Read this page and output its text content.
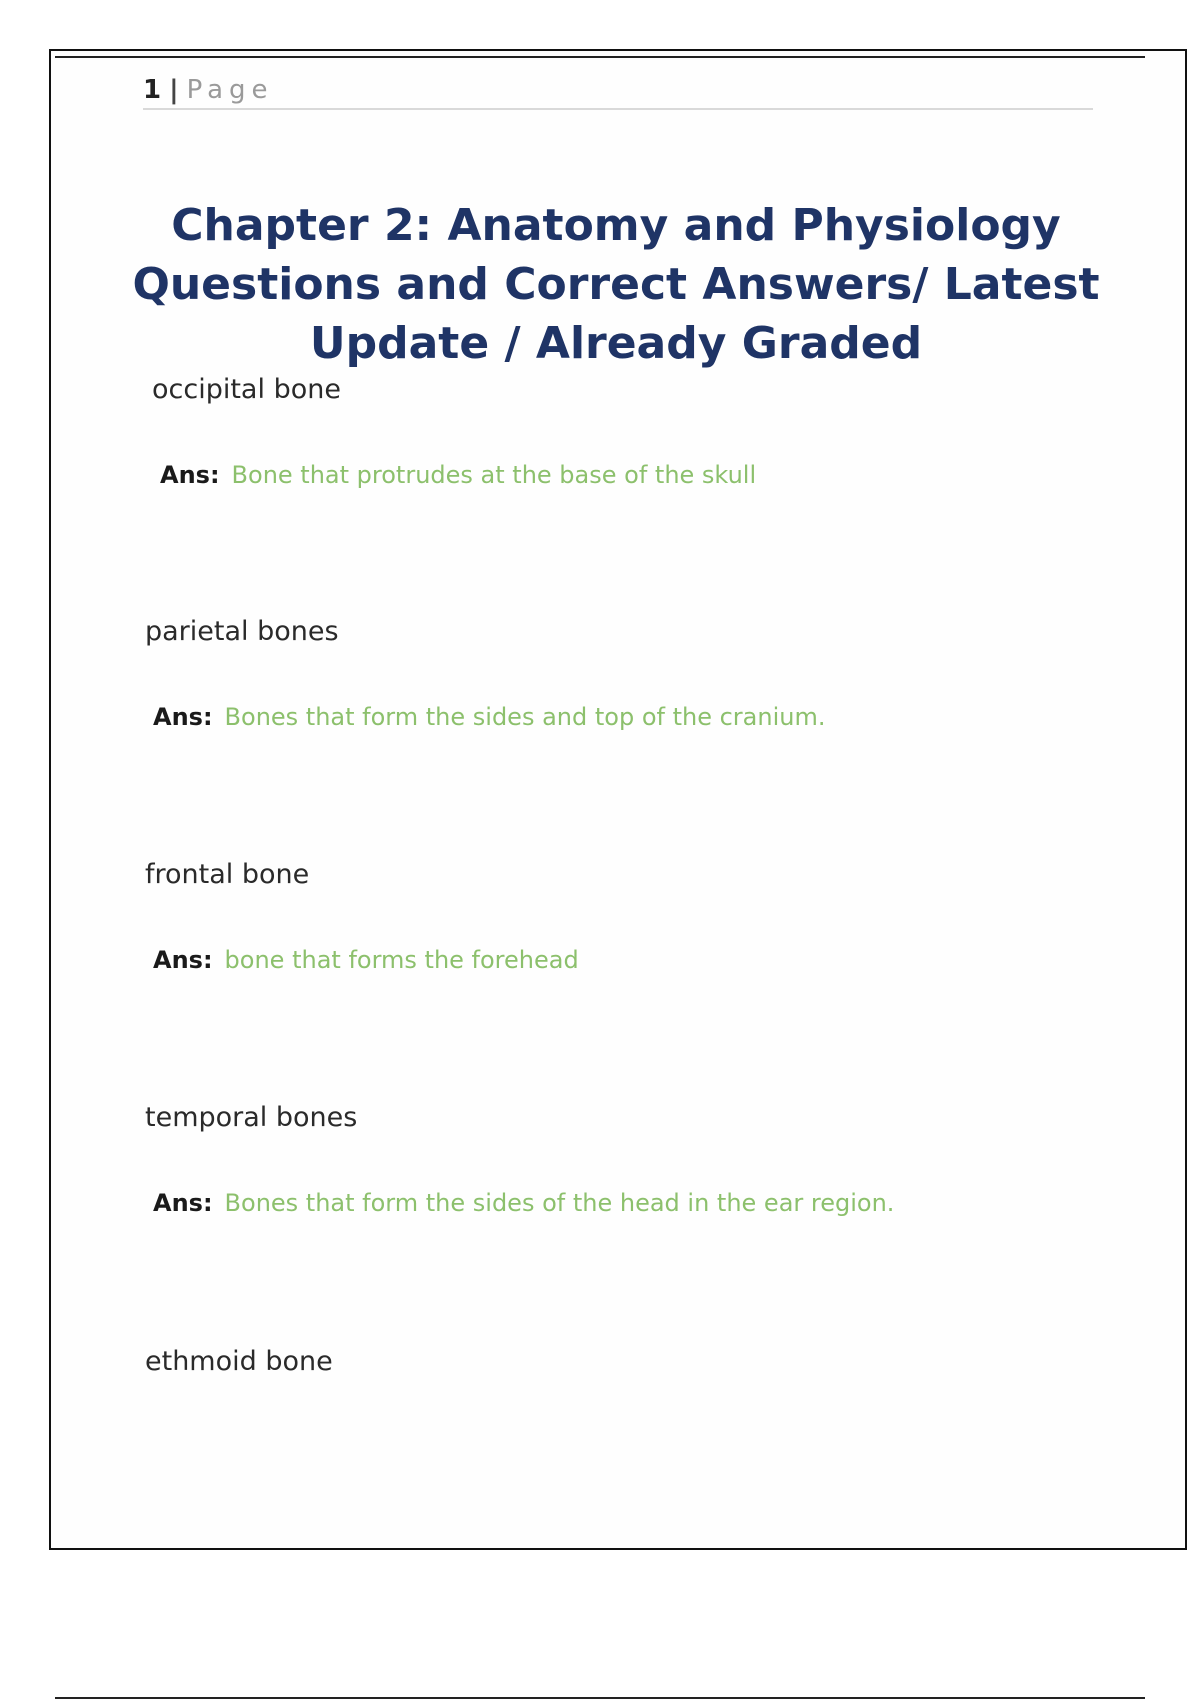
1 | Page
Chapter 2: Anatomy and Physiology Questions and Correct Answers/ Latest Update / Already Graded
occipital bone
Ans: Bone that protrudes at the base of the skull
parietal bones
Ans: Bones that form the sides and top of the cranium.
frontal bone
Ans: bone that forms the forehead
temporal bones
Ans: Bones that form the sides of the head in the ear region.
ethmoid bone
